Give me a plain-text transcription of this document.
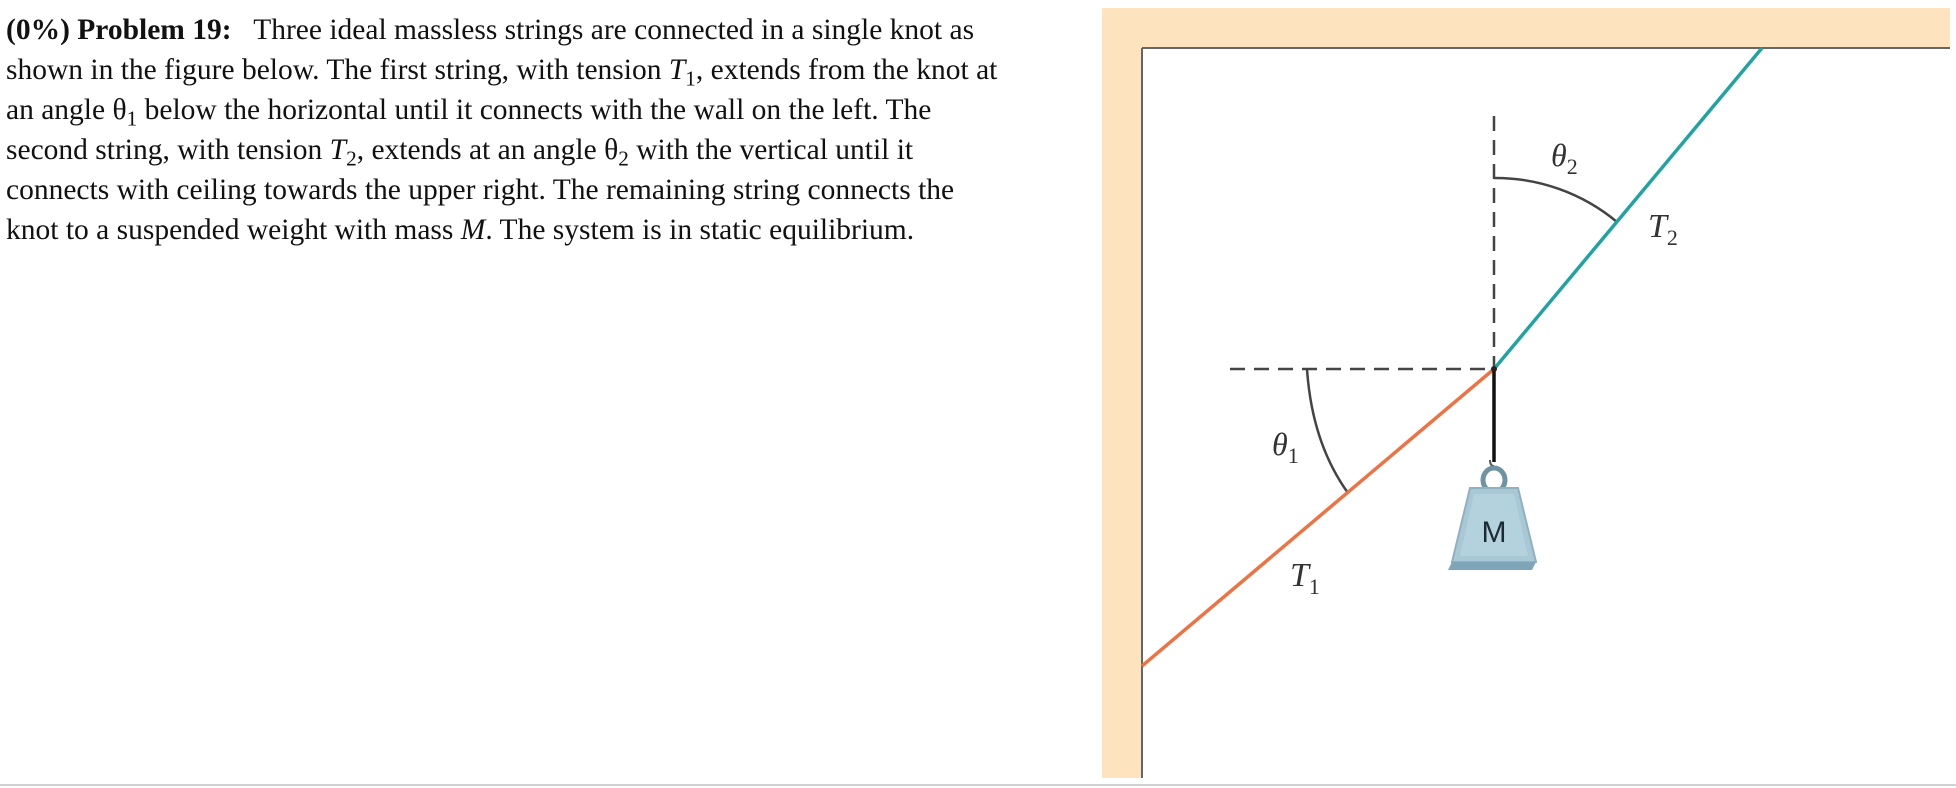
(0%) Problem 19: Three ideal massless strings are connected in a single knot as
shown in the figure below. The first string, with tension $T_1$, extends from the knot at
an angle $\theta_1$ below the horizontal until it connects with the wall on the left. The
second string, with tension $T_2$, extends at an angle $\theta_2$ with the vertical until it
connects with ceiling towards the upper right. The remaining string connects the
knot to a suspended weight with mass M. The system is in static equilibrium.
M
$\theta_2$
$T_2$
$\theta_1$
$T_1$
